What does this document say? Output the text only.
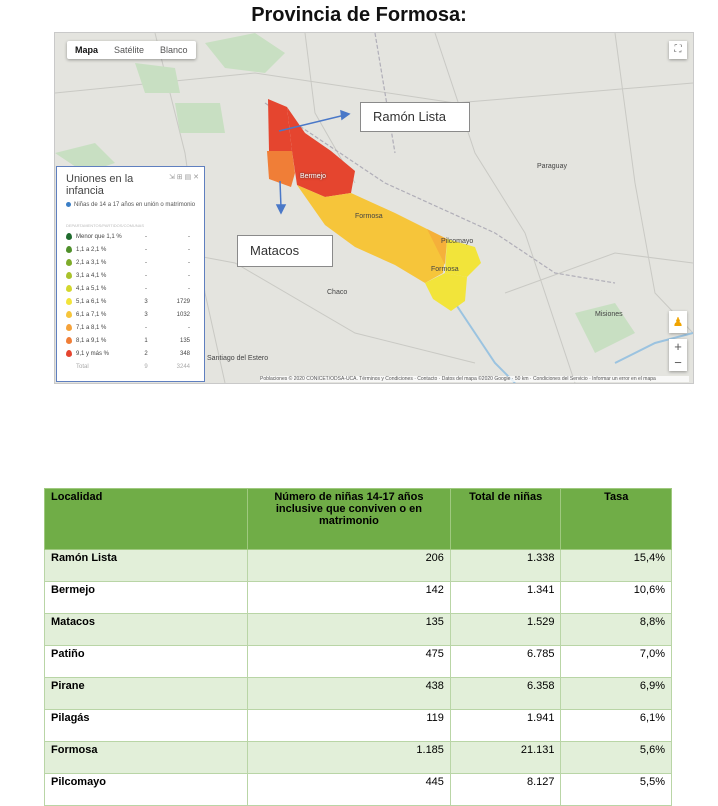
Provincia de Formosa:
Bermejo
Formosa
Pilcomayo
Formosa
Chaco
Misiones
Santiago del Estero
Paraguay
Mapa	Satélite	Blanco	⛶
Ramón Lista
Matacos
Uniones en la infancia
⇲ ⊞ ▤ ✕
Niñas de 14 a 17 años en unión o matrimonio
DEPARTAMENTOS/PARTIDOS/COMUNAS
Menor que 1,1 %	-	-
1,1 a 2,1 %	-	-
2,1 a 3,1 %	-	-
3,1 a 4,1 %	-	-
4,1 a 5,1 %	-	-
5,1 a 6,1 %	3	1729
6,1 a 7,1 %	3	1032
7,1 a 8,1 %	-	-
8,1 a 9,1 %	1	135
9,1 y más %	2	348
Total	9	3244
♟
+
−
Poblaciones © 2020 CONICET/ODSA-UCA. Términos y Condiciones · Contacto · Datos del mapa ©2020 Google · 50 km · Condiciones del Servicio · Informar un error en el mapa
Localidad	Número de niñas 14-17 años inclusive que conviven o en matrimonio	Total de niñas	Tasa
Ramón Lista	206	1.338	15,4%
Bermejo	142	1.341	10,6%
Matacos	135	1.529	8,8%
Patiño	475	6.785	7,0%
Pirane	438	6.358	6,9%
Pilagás	119	1.941	6,1%
Formosa	1.185	21.131	5,6%
Pilcomayo	445	8.127	5,5%
